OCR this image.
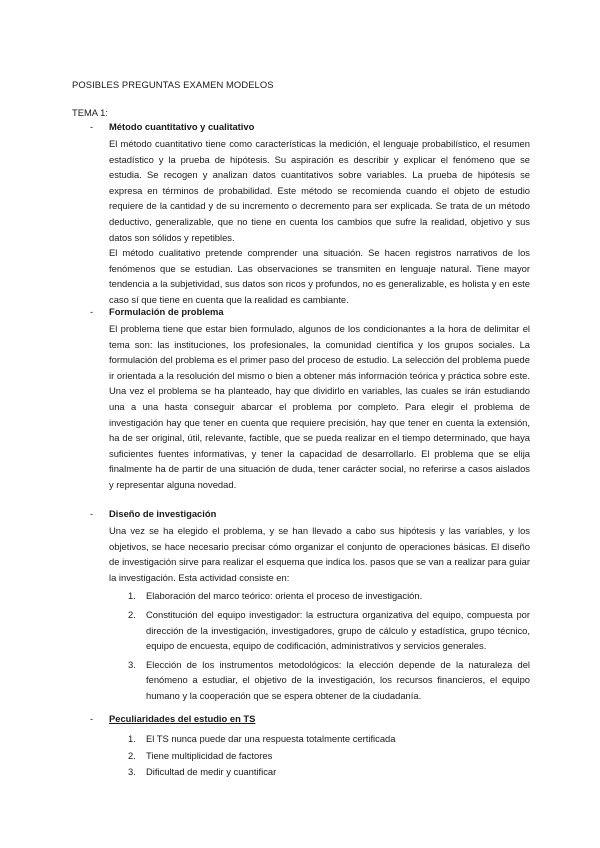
POSIBLES PREGUNTAS EXAMEN MODELOS
TEMA 1:
- Método cuantitativo y cualitativo

El método cuantitativo tiene como características la medición, el lenguaje probabilístico, el resumen estadístico y la prueba de hipótesis. Su aspiración es describir y explicar el fenómeno que se estudia. Se recogen y analizan datos cuantitativos sobre variables. La prueba de hipótesis se expresa en términos de probabilidad. Este método se recomienda cuando el objeto de estudio requiere de la cantidad y de su incremento o decremento para ser explicada. Se trata de un método deductivo, generalizable, que no tiene en cuenta los cambios que sufre la realidad, objetivo y sus datos son sólidos y repetibles.

El método cualitativo pretende comprender una situación. Se hacen registros narrativos de los fenómenos que se estudian. Las observaciones se transmiten en lenguaje natural. Tiene mayor tendencia a la subjetividad, sus datos son ricos y profundos, no es generalizable, es holista y en este caso sí que tiene en cuenta que la realidad es cambiante.

- Formulación de problema

El problema tiene que estar bien formulado, algunos de los condicionantes a la hora de delimitar el tema son: las instituciones, los profesionales, la comunidad científica y los grupos sociales. La formulación del problema es el primer paso del proceso de estudio. La selección del problema puede ir orientada a la resolución del mismo o bien a obtener más información teórica y práctica sobre este. Una vez el problema se ha planteado, hay que dividirlo en variables, las cuales se irán estudiando una a una hasta conseguir abarcar el problema por completo. Para elegir el problema de investigación hay que tener en cuenta que requiere precisión, hay que tener en cuenta la extensión, ha de ser original, útil, relevante, factible, que se pueda realizar en el tiempo determinado, que haya suficientes fuentes informativas, y tener la capacidad de desarrollarlo. El problema que se elija finalmente ha de partir de una situación de duda, tener carácter social, no referirse a casos aislados y representar alguna novedad.

- Diseño de investigación

Una vez se ha elegido el problema, y se han llevado a cabo sus hipótesis y las variables, y los objetivos, se hace necesario precisar cómo organizar el conjunto de operaciones básicas. El diseño de investigación sirve para realizar el esquema que indica los. pasos que se van a realizar para guiar la investigación. Esta actividad consiste en:

1. Elaboración del marco teórico: orienta el proceso de investigación.
2. Constitución del equipo investigador: la estructura organizativa del equipo, compuesta por dirección de la investigación, investigadores, grupo de cálculo y estadística, grupo técnico, equipo de encuesta, equipo de codificación, administrativos y servicios generales.
3. Elección de los instrumentos metodológicos: la elección depende de la naturaleza del fenómeno a estudiar, el objetivo de la investigación, los recursos financieros, el equipo humano y la cooperación que se espera obtener de la ciudadanía.
- Peculiaridades del estudio en TS
1. El TS nunca puede dar una respuesta totalmente certificada
2. Tiene multiplicidad de factores
3. Dificultad de medir y cuantificar
